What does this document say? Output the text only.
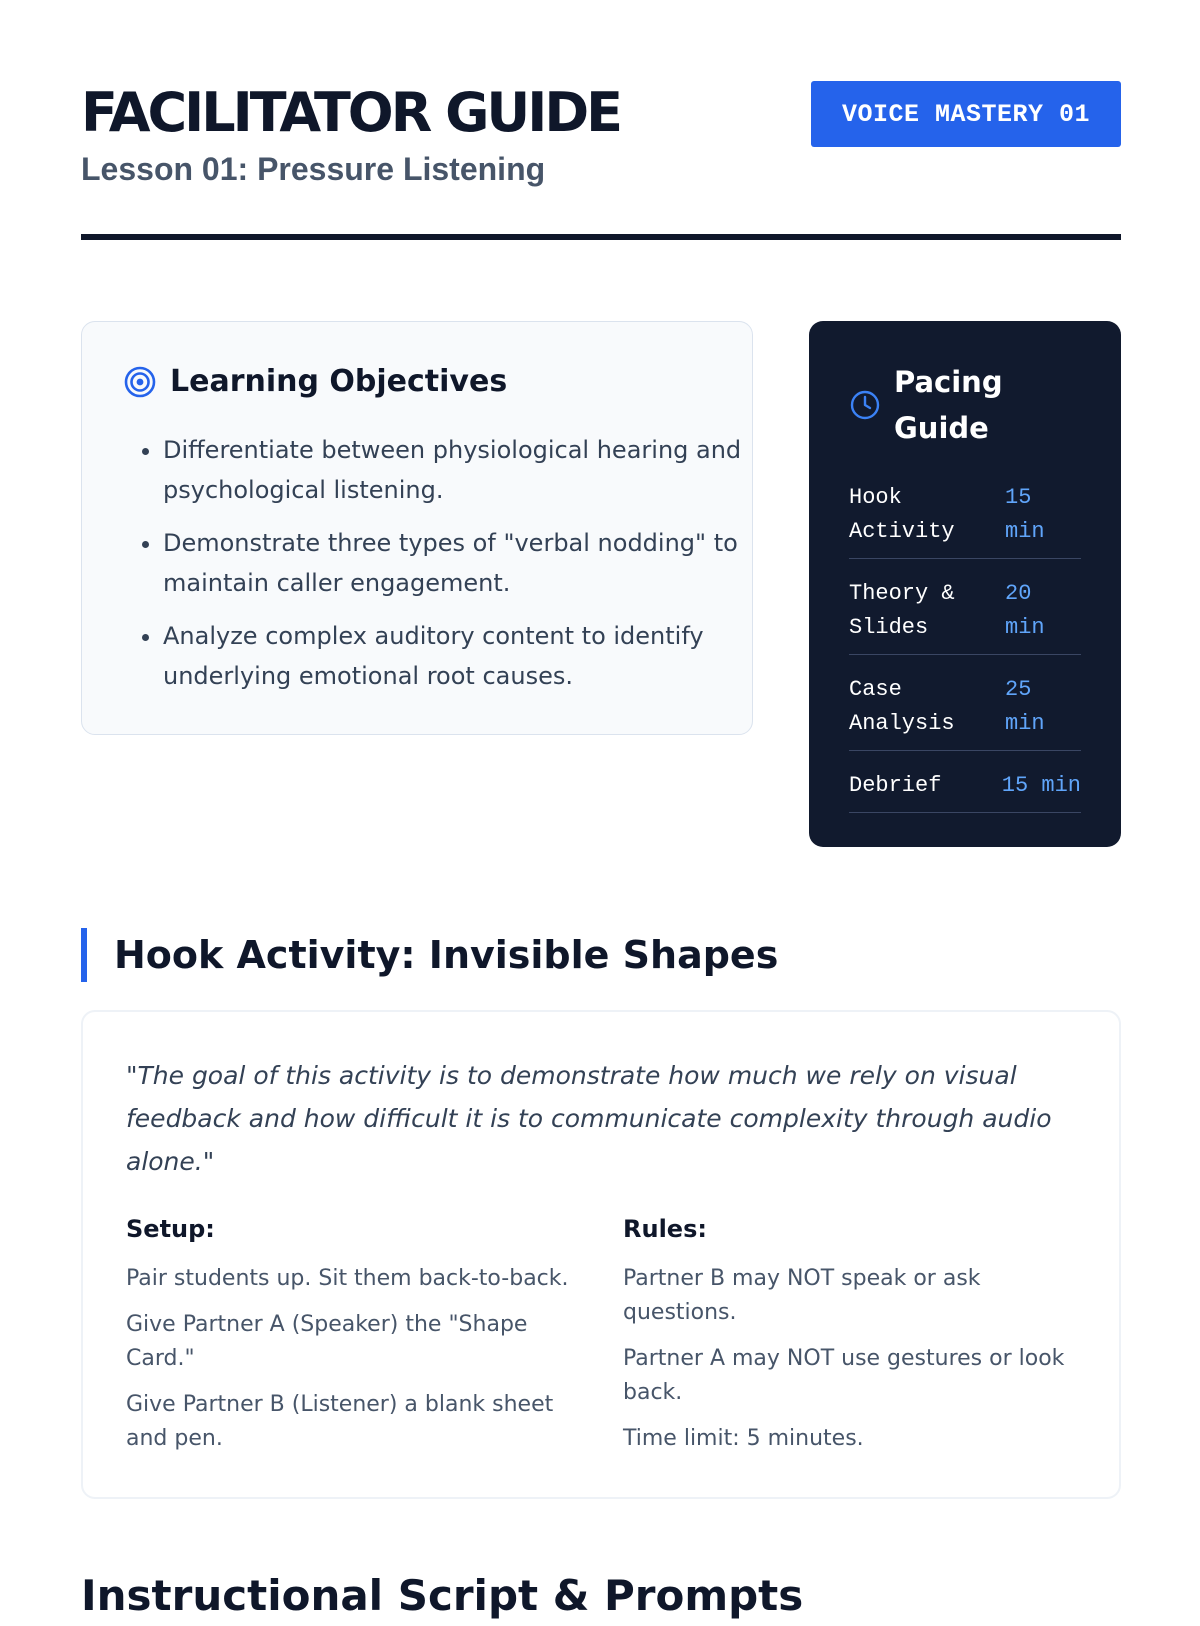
FACILITATOR GUIDE
Lesson 01: Pressure Listening
VOICE MASTERY 01
Learning Objectives
• Differentiate between physiological hearing and psychological listening.
• Demonstrate three types of "verbal nodding" to maintain caller engagement.
• Analyze complex auditory content to identify underlying emotional root causes.
Pacing Guide
Hook Activity
15 min
Theory & Slides
20 min
Case Analysis
25 min
Debrief	15 min
Hook Activity: Invisible Shapes

"The goal of this activity is to demonstrate how much we rely on visual feedback and how difficult it is to communicate complexity through audio alone."

Setup:
Pair students up. Sit them back-to-back.
Give Partner A (Speaker) the "Shape Card."
Give Partner B (Listener) a blank sheet and pen.
Rules:
Partner B may NOT speak or ask questions.
Partner A may NOT use gestures or look back.
Time limit: 5 minutes.
Instructional Script & Prompts
